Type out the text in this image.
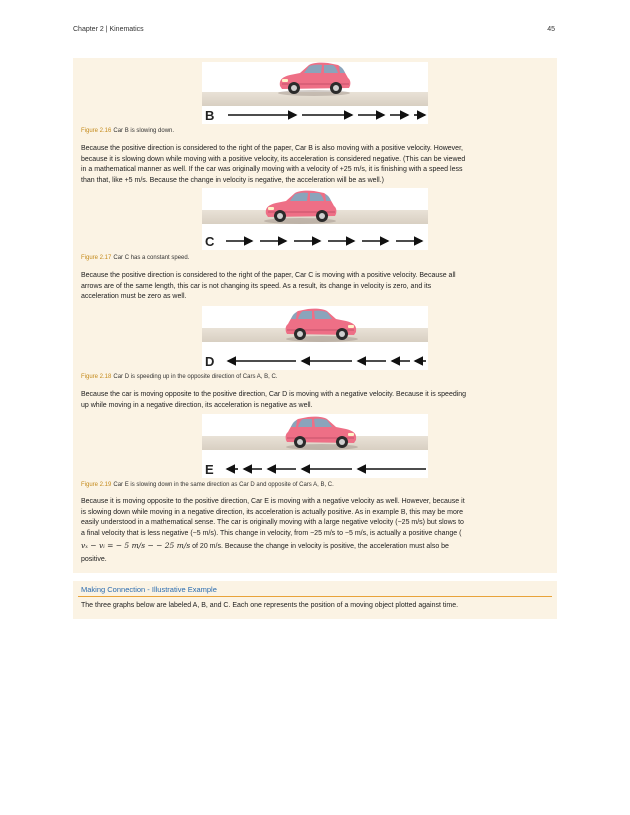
Chapter 2 | Kinematics	45
B
Figure 2.16 Car B is slowing down.
Because the positive direction is considered to the right of the paper, Car B is also moving with a positive velocity. However,
because it is slowing down while moving with a positive velocity, its acceleration is considered negative. (This can be viewed
in a mathematical manner as well. If the car was originally moving with a velocity of +25 m/s, it is finishing with a speed less
than that, like +5 m/s. Because the change in velocity is negative, the acceleration will be as well.)
C
Figure 2.17 Car C has a constant speed.
Because the positive direction is considered to the right of the paper, Car C is moving with a positive velocity. Because all
arrows are of the same length, this car is not changing its speed. As a result, its change in velocity is zero, and its
acceleration must be zero as well.
D
Figure 2.18 Car D is speeding up in the opposite direction of Cars A, B, C.
Because the car is moving opposite to the positive direction, Car D is moving with a negative velocity. Because it is speeding
up while moving in a negative direction, its acceleration is negative as well.
E
Figure 2.19 Car E is slowing down in the same direction as Car D and opposite of Cars A, B, C.
Because it is moving opposite to the positive direction, Car E is moving with a negative velocity as well. However, because it
is slowing down while moving in a negative direction, its acceleration is actually positive. As in example B, this may be more
easily understood in a mathematical sense. The car is originally moving with a large negative velocity (−25 m/s) but slows to
a final velocity that is less negative (−5 m/s). This change in velocity, from −25 m/s to −5 m/s, is actually a positive change (
vₓ − vᵢ = − 5 m/s − − 25 m/s of 20 m/s. Because the change in velocity is positive, the acceleration must also be
positive.
Making Connection - Illustrative Example
The three graphs below are labeled A, B, and C. Each one represents the position of a moving object plotted against time.
